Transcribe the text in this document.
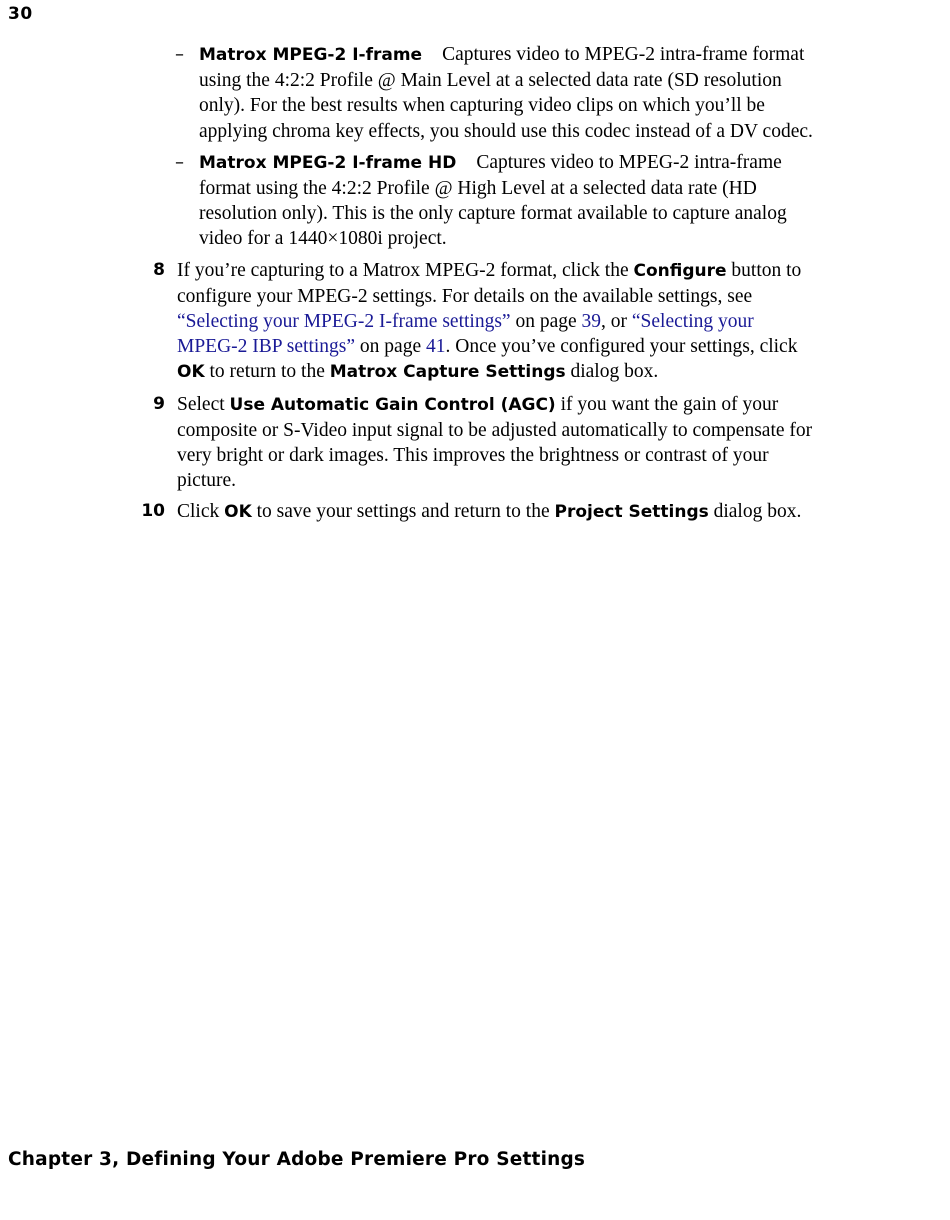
30
– Matrox MPEG-2 I-frame Captures video to MPEG-2 intra-frame format using the 4:2:2 Profile @ Main Level at a selected data rate (SD resolution only). For the best results when capturing video clips on which you’ll be applying chroma key effects, you should use this codec instead of a DV codec.
– Matrox MPEG-2 I-frame HD Captures video to MPEG-2 intra-frame format using the 4:2:2 Profile @ High Level at a selected data rate (HD resolution only). This is the only capture format available to capture analog video for a 1440×1080i project.
8 If you’re capturing to a Matrox MPEG-2 format, click the Configure button to configure your MPEG-2 settings. For details on the available settings, see “Selecting your MPEG-2 I-frame settings” on page 39, or “Selecting your MPEG-2 IBP settings” on page 41. Once you’ve configured your settings, click OK to return to the Matrox Capture Settings dialog box.
9 Select Use Automatic Gain Control (AGC) if you want the gain of your composite or S-Video input signal to be adjusted automatically to compensate for very bright or dark images. This improves the brightness or contrast of your picture.
10 Click OK to save your settings and return to the Project Settings dialog box.
Chapter 3, Defining Your Adobe Premiere Pro Settings
